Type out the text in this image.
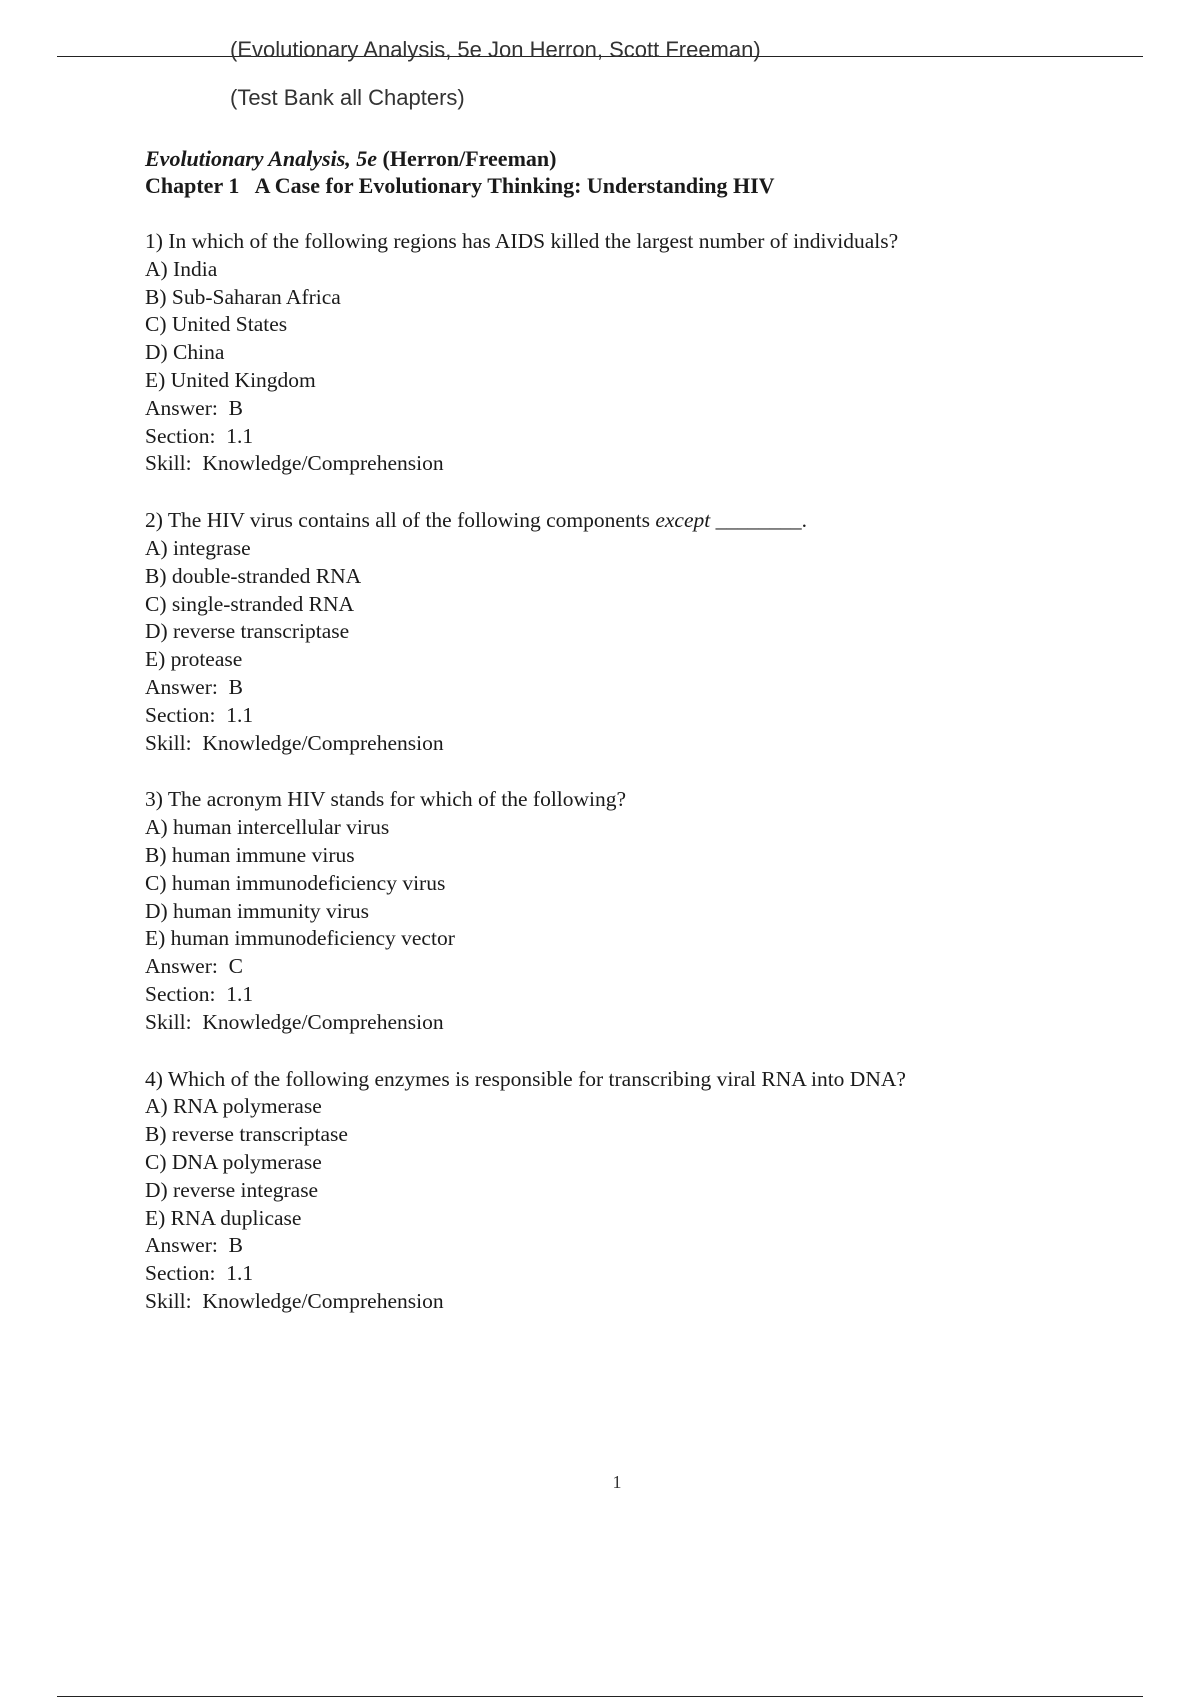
(Evolutionary Analysis, 5e Jon Herron, Scott Freeman)
(Test Bank all Chapters)

Evolutionary Analysis, 5e (Herron/Freeman)

Chapter 1   A Case for Evolutionary Thinking: Understanding HIV

1) In which of the following regions has AIDS killed the largest number of individuals?
A) India
B) Sub-Saharan Africa
C) United States
D) China
E) United Kingdom
Answer:  B
Section:  1.1
Skill:  Knowledge/Comprehension
2) The HIV virus contains all of the following components except ________.
A) integrase
B) double-stranded RNA
C) single-stranded RNA
D) reverse transcriptase
E) protease
Answer:  B
Section:  1.1
Skill:  Knowledge/Comprehension
3) The acronym HIV stands for which of the following?
A) human intercellular virus
B) human immune virus
C) human immunodeficiency virus
D) human immunity virus
E) human immunodeficiency vector
Answer:  C
Section:  1.1
Skill:  Knowledge/Comprehension
4) Which of the following enzymes is responsible for transcribing viral RNA into DNA?
A) RNA polymerase
B) reverse transcriptase
C) DNA polymerase
D) reverse integrase
E) RNA duplicase
Answer:  B
Section:  1.1
Skill:  Knowledge/Comprehension
1
